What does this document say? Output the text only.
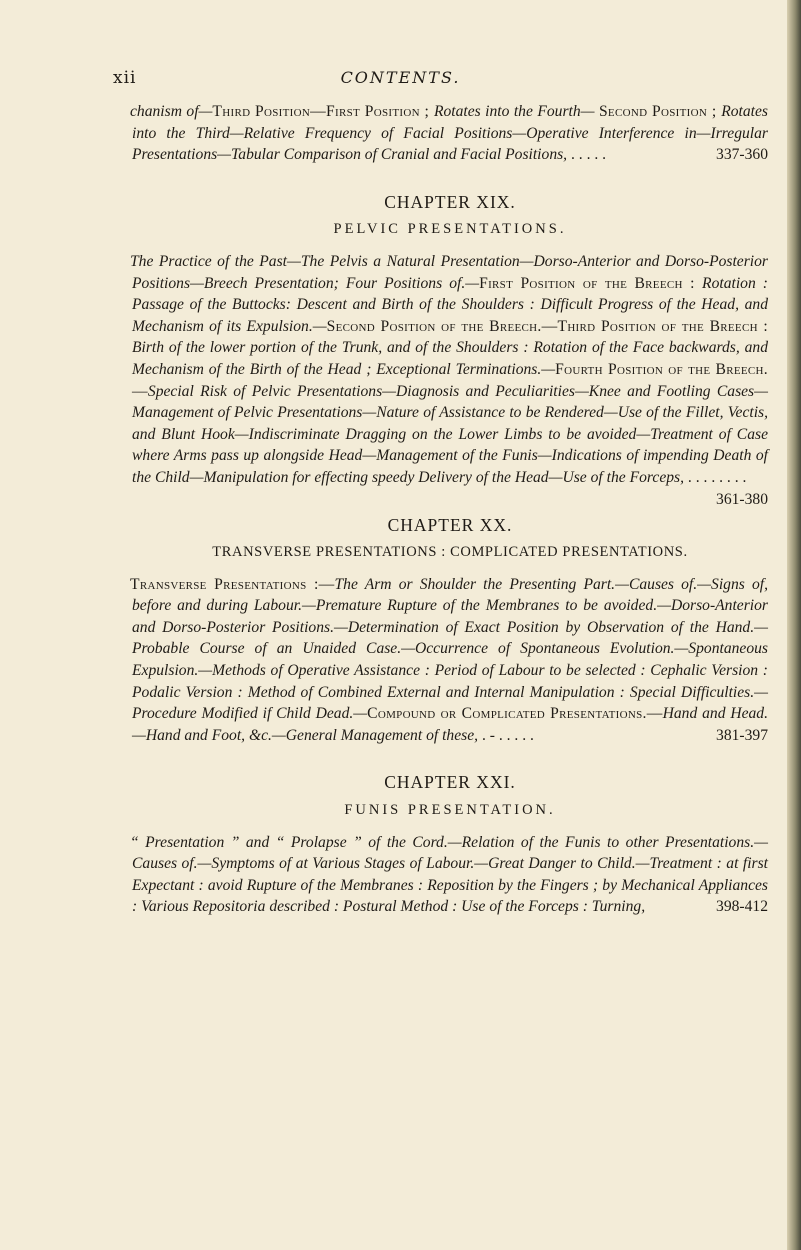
xii	CONTENTS.
chanism of—Third Position—First Position ; Rotates into the Fourth— Second Position ; Rotates into the Third—Relative Frequency of Facial Positions—Operative Interference in—Irregular Presentations—Tabular Comparison of Cranial and Facial Positions, . . . . .	337-360
CHAPTER XIX.
PELVIC PRESENTATIONS.
The Practice of the Past—The Pelvis a Natural Presentation—Dorso-Anterior and Dorso-Posterior Positions—Breech Presentation; Four Positions of.—First Position of the Breech : Rotation : Passage of the Buttocks: Descent and Birth of the Shoulders : Difficult Progress of the Head, and Mechanism of its Expulsion.—Second Position of the Breech.—Third Position of the Breech : Birth of the lower portion of the Trunk, and of the Shoulders : Rotation of the Face backwards, and Mechanism of the Birth of the Head ; Exceptional Terminations.—Fourth Position of the Breech.—Special Risk of Pelvic Presentations—Diagnosis and Peculiarities—Knee and Footling Cases—Management of Pelvic Presentations—Nature of Assistance to be Rendered—Use of the Fillet, Vectis, and Blunt Hook—Indiscriminate Dragging on the Lower Limbs to be avoided—Treatment of Case where Arms pass up alongside Head—Management of the Funis—Indications of impending Death of the Child—Manipulation for effecting speedy Delivery of the Head—Use of the Forceps, . . . . . . . .
361-380
CHAPTER XX.
TRANSVERSE PRESENTATIONS : COMPLICATED PRESENTATIONS.
Transverse Presentations :—The Arm or Shoulder the Presenting Part.—Causes of.—Signs of, before and during Labour.—Premature Rupture of the Membranes to be avoided.—Dorso-Anterior and Dorso-Posterior Positions.—Determination of Exact Position by Observation of the Hand.—Probable Course of an Unaided Case.—Occurrence of Spontaneous Evolution.—Spontaneous Expulsion.—Methods of Operative Assistance : Period of Labour to be selected : Cephalic Version : Podalic Version : Method of Combined External and Internal Manipulation : Special Difficulties.—Procedure Modified if Child Dead.—Compound or Complicated Presentations.—Hand and Head.—Hand and Foot, &c.—General Management of these, . - . . . . .	381-397
CHAPTER XXI.
FUNIS PRESENTATION.
“ Presentation ” and “ Prolapse ” of the Cord.—Relation of the Funis to other Presentations.—Causes of.—Symptoms of at Various Stages of Labour.—Great Danger to Child.—Treatment : at first Expectant : avoid Rupture of the Membranes : Reposition by the Fingers ; by Mechanical Appliances : Various Repositoria described : Postural Method : Use of the Forceps : Turning,	398-412
